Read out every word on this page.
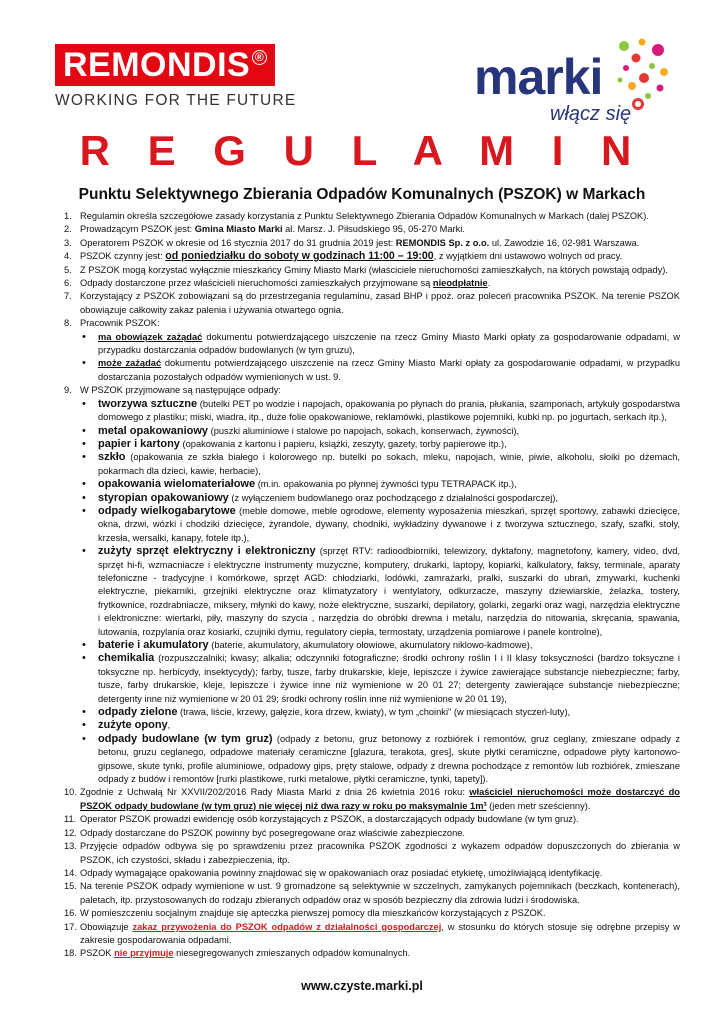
REMONDIS ®
WORKING FOR THE FUTURE	marki
włącz się
R E G U L A M I N
Punktu Selektywnego Zbierania Odpadów Komunalnych (PSZOK) w Markach
1. Regulamin określa szczegółowe zasady korzystania z Punktu Selektywnego Zbierania Odpadów Komunalnych w Markach (dalej PSZOK).
2. Prowadzącym PSZOK jest: Gmina Miasto Marki al. Marsz. J. Piłsudskiego 95, 05-270 Marki.
3. Operatorem PSZOK w okresie od 16 stycznia 2017 do 31 grudnia 2019 jest: REMONDIS Sp. z o.o. ul. Zawodzie 16, 02-981 Warszawa.
4. PSZOK czynny jest: od poniedziałku do soboty w godzinach 11:00 – 19:00, z wyjątkiem dni ustawowo wolnych od pracy.
5. Z PSZOK mogą korzystać wyłącznie mieszkańcy Gminy Miasto Marki (właściciele nieruchomości zamieszkałych, na których powstają odpady).
6. Odpady dostarczone przez właścicieli nieruchomości zamieszkałych przyjmowane są nieodpłatnie.
7. Korzystający z PSZOK zobowiązani są do przestrzegania regulaminu, zasad BHP i ppoż. oraz poleceń pracownika PSZOK. Na terenie PSZOK obowiązuje całkowity zakaz palenia i używania otwartego ognia.
8. Pracownik PSZOK:
• ma obowiązek zażądać dokumentu potwierdzającego uiszczenie na rzecz Gminy Miasto Marki opłaty za gospodarowanie odpadami, w przypadku dostarczania odpadów budowlanych (w tym gruzu),
• może zażądać dokumentu potwierdzającego uiszczenie na rzecz Gminy Miasto Marki opłaty za gospodarowanie odpadami, w przypadku dostarczania pozostałych odpadów wymienionych w ust. 9.
9. W PSZOK przyjmowane są następujące odpady:
• tworzywa sztuczne (butelki PET po wodzie i napojach, opakowania po płynach do prania, płukania, szamponach, artykuły gospodarstwa domowego z plastiku; miski, wiadra, itp., duże folie opakowaniowe, reklamówki, plastikowe pojemniki, kubki np. po jogurtach, serkach itp.),
• metal opakowaniowy (puszki aluminiowe i stalowe po napojach, sokach, konserwach, żywności),
• papier i kartony (opakowania z kartonu i papieru, książki, zeszyty, gazety, torby papierowe itp.),
• szkło (opakowania ze szkła białego i kolorowego np. butelki po sokach, mleku, napojach, winie, piwie, alkoholu, słoiki po dżemach, pokarmach dla dzieci, kawie, herbacie),
• opakowania wielomateriałowe (m.in. opakowania po płynnej żywności typu TETRAPACK itp.),
• styropian opakowaniowy (z wyłączeniem budowlanego oraz pochodzącego z działalności gospodarczej),
• odpady wielkogabarytowe (meble domowe, meble ogrodowe, elementy wyposażenia mieszkań, sprzęt sportowy, zabawki dziecięce, okna, drzwi, wózki i chodziki dziecięce, żyrandole, dywany, chodniki, wykładziny dywanowe i z tworzywa sztucznego, szafy, szafki, stoły, krzesła, wersalki, kanapy, fotele itp.),
• zużyty sprzęt elektryczny i elektroniczny (sprzęt RTV: radioodbiorniki, telewizory, dyktafony, magnetofony, kamery, video, dvd, sprzęt hi-fi, wzmacniacze i elektryczne instrumenty muzyczne, komputery, drukarki, laptopy, kopiarki, kalkulatory, faksy, terminale, aparaty telefoniczne - tradycyjne i komórkowe, sprzęt AGD: chłodziarki, lodówki, zamrażarki, pralki, suszarki do ubrań, zmywarki, kuchenki elektryczne, piekarniki, grzejniki elektryczne oraz klimatyzatory i wentylatory, odkurzacze, maszyny dziewiarskie, żelazka, tostery, frytkownice, rozdrabniacze, miksery, młynki do kawy, noże elektryczne, suszarki, depilatory, golarki, zegarki oraz wagi, narzędzia elektryczne i elektroniczne: wiertarki, piły, maszyny do szycia , narzędzia do obróbki drewna i metalu, narzędzia do nitowania, skręcania, spawania, lutowania, rozpylania oraz kosiarki, czujniki dymu, regulatory ciepła, termostaty, urządzenia pomiarowe i panele kontrolne),
• baterie i akumulatory (baterie, akumulatory, akumulatory ołowiowe, akumulatory niklowo-kadmowe),
• chemikalia (rozpuszczalniki; kwasy; alkalia; odczynniki fotograficzne; środki ochrony roślin I i II klasy toksyczności (bardzo toksyczne i toksyczne np. herbicydy, insektycydy); farby, tusze, farby drukarskie, kleje, lepiszcze i żywice zawierające substancje niebezpieczne; farby, tusze, farby drukarskie, kleje, lepiszcze i żywice inne niż wymienione w 20 01 27; detergenty zawierające substancje niebezpieczne; detergenty inne niż wymienione w 20 01 29; środki ochrony roślin inne niż wymienione w 20 01 19),
• odpady zielone (trawa, liście, krzewy, gałęzie, kora drzew, kwiaty), w tym „choinki" (w miesiącach styczeń-luty),
• zużyte opony,
• odpady budowlane (w tym gruz) (odpady z betonu, gruz betonowy z rozbiórek i remontów, gruz ceglany, zmieszane odpady z betonu, gruzu ceglanego, odpadowe materiały ceramiczne [glazura, terakota, gres], skute płytki ceramiczne, odpadowe płyty kartonowo-gipsowe, skute tynki, profile aluminiowe, odpadowy gips, pręty stalowe, odpady z drewna pochodzące z remontów lub rozbiórek, zmieszane odpady z budów i remontów [rurki plastikowe, rurki metalowe, płytki ceramiczne, tynki, tapety]).
10. Zgodnie z Uchwałą Nr XXVII/202/2016 Rady Miasta Marki z dnia 26 kwietnia 2016 roku: właściciel nieruchomości może dostarczyć do PSZOK odpady budowlane (w tym gruz) nie więcej niż dwa razy w roku po maksymalnie 1m³ (jeden metr sześcienny).
11. Operator PSZOK prowadzi ewidencję osób korzystających z PSZOK, a dostarczających odpady budowlane (w tym gruz).
12. Odpady dostarczane do PSZOK powinny być posegregowane oraz właściwie zabezpieczone.
13. Przyjęcie odpadów odbywa się po sprawdzeniu przez pracownika PSZOK zgodności z wykazem odpadów dopuszczonych do zbierania w PSZOK, ich czystości, składu i zabezpieczenia, itp.
14. Odpady wymagające opakowania powinny znajdować się w opakowaniach oraz posiadać etykietę, umożliwiającą identyfikację.
15. Na terenie PSZOK odpady wymienione w ust. 9 gromadzone są selektywnie w szczelnych, zamykanych pojemnikach (beczkach, kontenerach), paletach, itp. przystosowanych do rodzaju zbieranych odpadów oraz w sposób bezpieczny dla zdrowia ludzi i środowiska.
16. W pomieszczeniu socjalnym znajduje się apteczka pierwszej pomocy dla mieszkańców korzystających z PSZOK.
17. Obowiązuje zakaz przywożenia do PSZOK odpadów z działalności gospodarczej, w stosunku do których stosuje się odrębne przepisy w zakresie gospodarowania odpadami.
18. PSZOK nie przyjmuje niesegregowanych zmieszanych odpadów komunalnych.
www.czyste.marki.pl
